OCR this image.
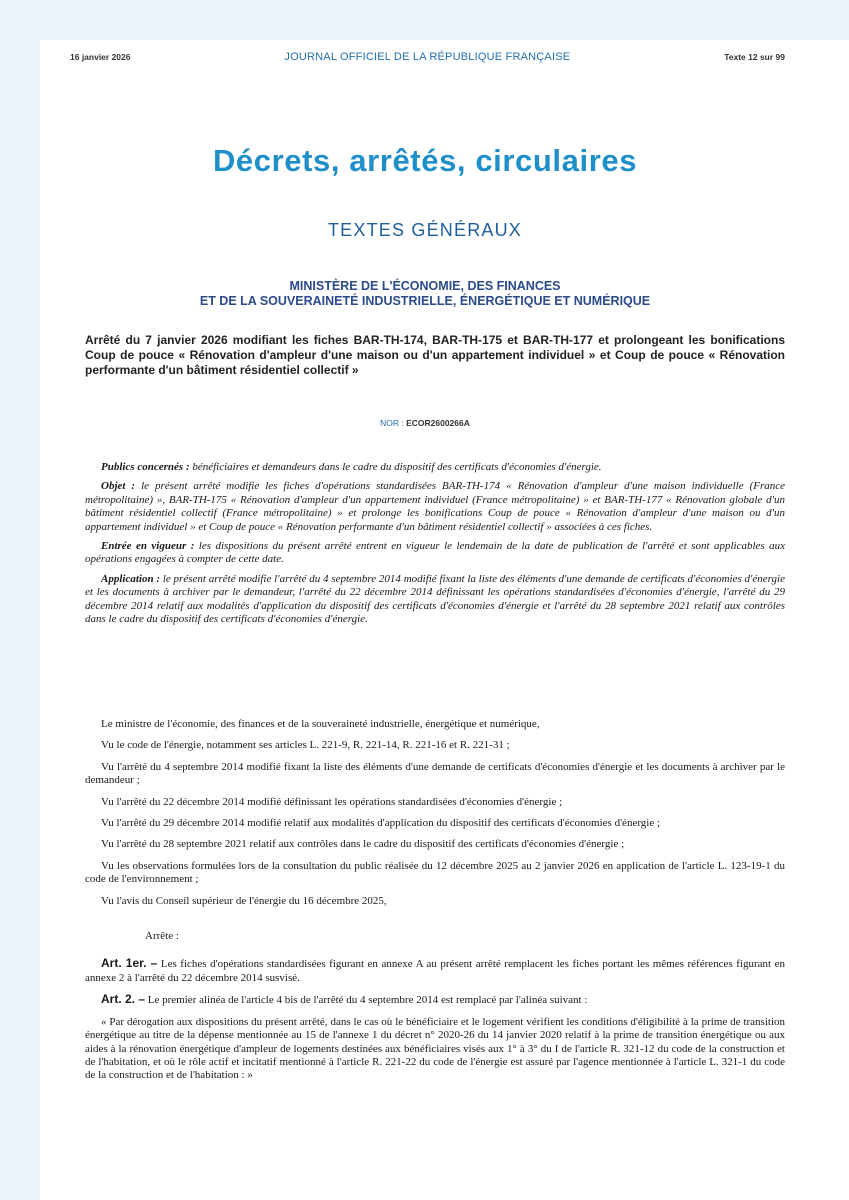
16 janvier 2026	JOURNAL OFFICIEL DE LA RÉPUBLIQUE FRANÇAISE	Texte 12 sur 99
Décrets, arrêtés, circulaires
TEXTES GÉNÉRAUX
MINISTÈRE DE L'ÉCONOMIE, DES FINANCES
ET DE LA SOUVERAINETÉ INDUSTRIELLE, ÉNERGÉTIQUE ET NUMÉRIQUE
Arrêté du 7 janvier 2026 modifiant les fiches BAR-TH-174, BAR-TH-175 et BAR-TH-177 et prolongeant les bonifications Coup de pouce « Rénovation d'ampleur d'une maison ou d'un appartement individuel » et Coup de pouce « Rénovation performante d'un bâtiment résidentiel collectif »
NOR : ECOR2600266A

Publics concernés : bénéficiaires et demandeurs dans le cadre du dispositif des certificats d'économies d'énergie.

Objet : le présent arrêté modifie les fiches d'opérations standardisées BAR-TH-174 « Rénovation d'ampleur d'une maison individuelle (France métropolitaine) », BAR-TH-175 « Rénovation d'ampleur d'un appartement individuel (France métropolitaine) » et BAR-TH-177 « Rénovation globale d'un bâtiment résidentiel collectif (France métropolitaine) » et prolonge les bonifications Coup de pouce « Rénovation d'ampleur d'une maison ou d'un appartement individuel » et Coup de pouce « Rénovation performante d'un bâtiment résidentiel collectif » associées à ces fiches.

Entrée en vigueur : les dispositions du présent arrêté entrent en vigueur le lendemain de la date de publication de l'arrêté et sont applicables aux opérations engagées à compter de cette date.

Application : le présent arrêté modifie l'arrêté du 4 septembre 2014 modifié fixant la liste des éléments d'une demande de certificats d'économies d'énergie et les documents à archiver par le demandeur, l'arrêté du 22 décembre 2014 définissant les opérations standardisées d'économies d'énergie, l'arrêté du 29 décembre 2014 relatif aux modalités d'application du dispositif des certificats d'économies d'énergie et l'arrêté du 28 septembre 2021 relatif aux contrôles dans le cadre du dispositif des certificats d'économies d'énergie.

Le ministre de l'économie, des finances et de la souveraineté industrielle, énergétique et numérique,

Vu le code de l'énergie, notamment ses articles L. 221-9, R. 221-14, R. 221-16 et R. 221-31 ;

Vu l'arrêté du 4 septembre 2014 modifié fixant la liste des éléments d'une demande de certificats d'économies d'énergie et les documents à archiver par le demandeur ;

Vu l'arrêté du 22 décembre 2014 modifié définissant les opérations standardisées d'économies d'énergie ;

Vu l'arrêté du 29 décembre 2014 modifié relatif aux modalités d'application du dispositif des certificats d'économies d'énergie ;

Vu l'arrêté du 28 septembre 2021 relatif aux contrôles dans le cadre du dispositif des certificats d'économies d'énergie ;

Vu les observations formulées lors de la consultation du public réalisée du 12 décembre 2025 au 2 janvier 2026 en application de l'article L. 123-19-1 du code de l'environnement ;

Vu l'avis du Conseil supérieur de l'énergie du 16 décembre 2025,

Arrête :

Art. 1er. – Les fiches d'opérations standardisées figurant en annexe A au présent arrêté remplacent les fiches portant les mêmes références figurant en annexe 2 à l'arrêté du 22 décembre 2014 susvisé.

Art. 2. – Le premier alinéa de l'article 4 bis de l'arrêté du 4 septembre 2014 est remplacé par l'alinéa suivant :

« Par dérogation aux dispositions du présent arrêté, dans le cas où le bénéficiaire et le logement vérifient les conditions d'éligibilité à la prime de transition énergétique au titre de la dépense mentionnée au 15 de l'annexe 1 du décret n° 2020-26 du 14 janvier 2020 relatif à la prime de transition énergétique ou aux aides à la rénovation énergétique d'ampleur de logements destinées aux bénéficiaires visés aux 1° à 3° du I de l'article R. 321-12 du code de la construction et de l'habitation, et où le rôle actif et incitatif mentionné à l'article R. 221-22 du code de l'énergie est assuré par l'agence mentionnée à l'article L. 321-1 du code de la construction et de l'habitation : »
